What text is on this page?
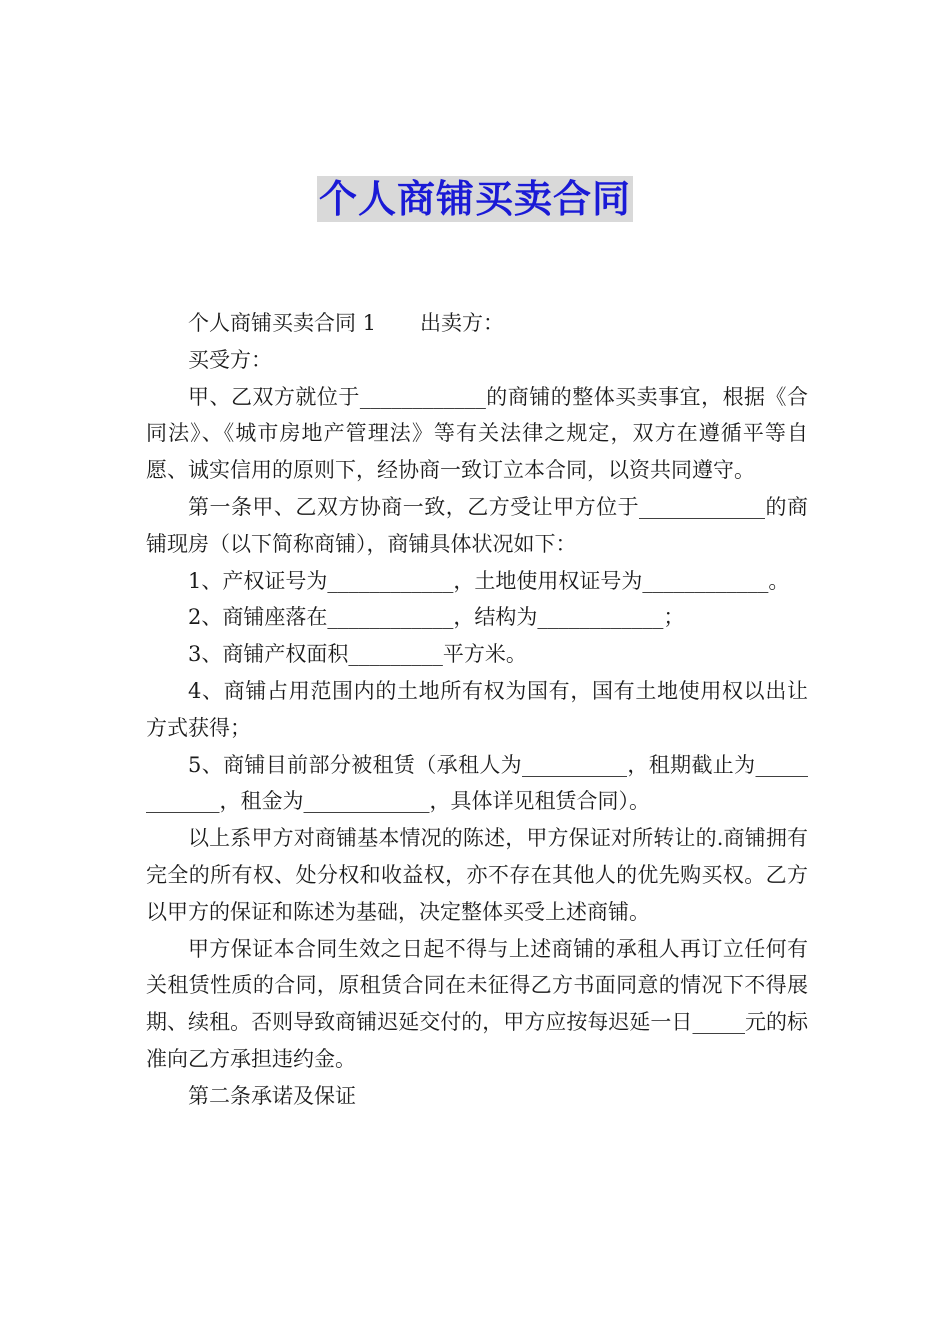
个人商铺买卖合同

个人商铺买卖合同 1 出卖方：

买受方：

甲、乙双方就位于____________的商铺的整体买卖事宜，根据《合同法》、《城市房地产管理法》等有关法律之规定，双方在遵循平等自愿、诚实信用的原则下，经协商一致订立本合同，以资共同遵守。

第一条甲、乙双方协商一致，乙方受让甲方位于____________的商铺现房（以下简称商铺），商铺具体状况如下：

1、产权证号为____________，土地使用权证号为____________。

2、商铺座落在____________，结构为____________；

3、商铺产权面积_________平方米。

4、商铺占用范围内的土地所有权为国有，国有土地使用权以出让方式获得；

5、商铺目前部分被租赁（承租人为__________，租期截止为____________，租金为____________，具体详见租赁合同）。

以上系甲方对商铺基本情况的陈述，甲方保证对所转让的.商铺拥有完全的所有权、处分权和收益权，亦不存在其他人的优先购买权。乙方以甲方的保证和陈述为基础，决定整体买受上述商铺。

甲方保证本合同生效之日起不得与上述商铺的承租人再订立任何有关租赁性质的合同，原租赁合同在未征得乙方书面同意的情况下不得展期、续租。否则导致商铺迟延交付的，甲方应按每迟延一日_____元的标准向乙方承担违约金。

第二条承诺及保证
